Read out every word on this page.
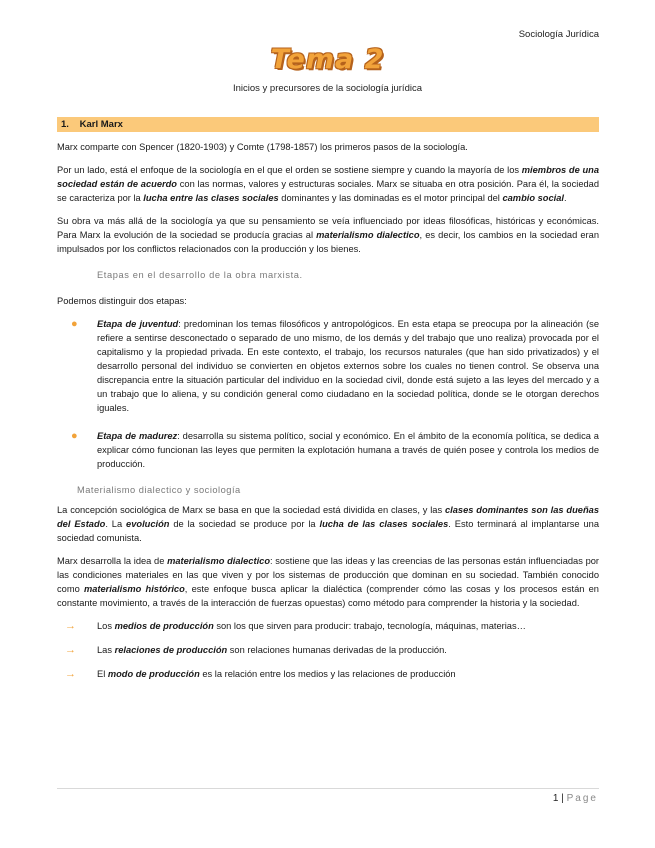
Sociología Jurídica
Tema 2
Inicios y precursores de la sociología jurídica
1. Karl Marx

Marx comparte con Spencer (1820-1903) y Comte (1798-1857) los primeros pasos de la sociología.

Por un lado, está el enfoque de la sociología en el que el orden se sostiene siempre y cuando la mayoría de los miembros de una sociedad están de acuerdo con las normas, valores y estructuras sociales. Marx se situaba en otra posición. Para él, la sociedad se caracteriza por la lucha entre las clases sociales dominantes y las dominadas es el motor principal del cambio social.

Su obra va más allá de la sociología ya que su pensamiento se veía influenciado por ideas filosóficas, históricas y económicas. Para Marx la evolución de la sociedad se producía gracias al materialismo dialectico, es decir, los cambios en la sociedad eran impulsados por los conflictos relacionados con la producción y los bienes.

Etapas en el desarrollo de la obra marxista.

Podemos distinguir dos etapas:

● Etapa de juventud: predominan los temas filosóficos y antropológicos. En esta etapa se preocupa por la alineación (se refiere a sentirse desconectado o separado de uno mismo, de los demás y del trabajo que uno realiza) provocada por el capitalismo y la propiedad privada. En este contexto, el trabajo, los recursos naturales (que han sido privatizados) y el desarrollo personal del individuo se convierten en objetos externos sobre los cuales no tienen control. Se observa una discrepancia entre la situación particular del individuo en la sociedad civil, donde está sujeto a las leyes del mercado y a un trabajo que lo aliena, y su condición general como ciudadano en la sociedad política, donde se le otorgan derechos iguales.

● Etapa de madurez: desarrolla su sistema político, social y económico. En el ámbito de la economía política, se dedica a explicar cómo funcionan las leyes que permiten la explotación humana a través de quién posee y controla los medios de producción.

Materialismo dialectico y sociología

La concepción sociológica de Marx se basa en que la sociedad está dividida en clases, y las clases dominantes son las dueñas del Estado. La evolución de la sociedad se produce por la lucha de las clases sociales. Esto terminará al implantarse una sociedad comunista.

Marx desarrolla la idea de materialismo dialectico: sostiene que las ideas y las creencias de las personas están influenciadas por las condiciones materiales en las que viven y por los sistemas de producción que dominan en su sociedad. También conocido como materialismo histórico, este enfoque busca aplicar la dialéctica (comprender cómo las cosas y los procesos están en constante movimiento, a través de la interacción de fuerzas opuestas) como método para comprender la historia y la sociedad.

→ Los medios de producción son los que sirven para producir: trabajo, tecnología, máquinas, materias…
→ Las relaciones de producción son relaciones humanas derivadas de la producción.
→ El modo de producción es la relación entre los medios y las relaciones de producción
1 | Page
